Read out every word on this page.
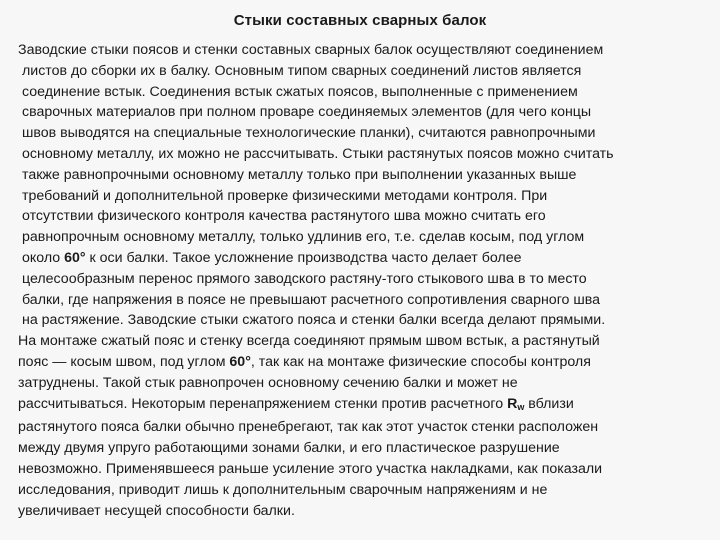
Стыки составных сварных балок
Заводские стыки поясов и стенки составных сварных балок осуществляют соединением
листов до сборки их в балку. Основным типом сварных соединений листов является
соединение встык. Соединения встык сжатых поясов, выполненные с применением
сварочных материалов при полном проваре соединяемых элементов (для чего концы
швов выводятся на специальные технологические планки), считаются равнопрочными
основному металлу, их можно не рассчитывать. Стыки растянутых поясов можно считать
также равнопрочными основному металлу только при выполнении указанных выше
требований и дополнительной проверке физическими методами контроля. При
отсутствии физического контроля качества растянутого шва можно считать его
равнопрочным основному металлу, только удлинив его, т.е. сделав косым, под углом
около 60° к оси балки. Такое усложнение производства часто делает более
целесообразным перенос прямого заводского растяну-того стыкового шва в то место
балки, где напряжения в поясе не превышают расчетного сопротивления сварного шва
на растяжение. Заводские стыки сжатого пояса и стенки балки всегда делают прямыми.
На монтаже сжатый пояс и стенку всегда соединяют прямым швом встык, а растянутый
пояс — косым швом, под углом 60°, так как на монтаже физические способы контроля
затруднены. Такой стык равнопрочен основному сечению балки и может не
рассчитываться. Некоторым перенапряжением стенки против расчетного $R_w$ вблизи
растянутого пояса балки обычно пренебрегают, так как этот участок стенки расположен
между двумя упруго работающими зонами балки, и его пластическое разрушение
невозможно. Применявшееся раньше усиление этого участка накладками, как показали
исследования, приводит лишь к дополнительным сварочным напряжениям и не
увеличивает несущей способности балки.
